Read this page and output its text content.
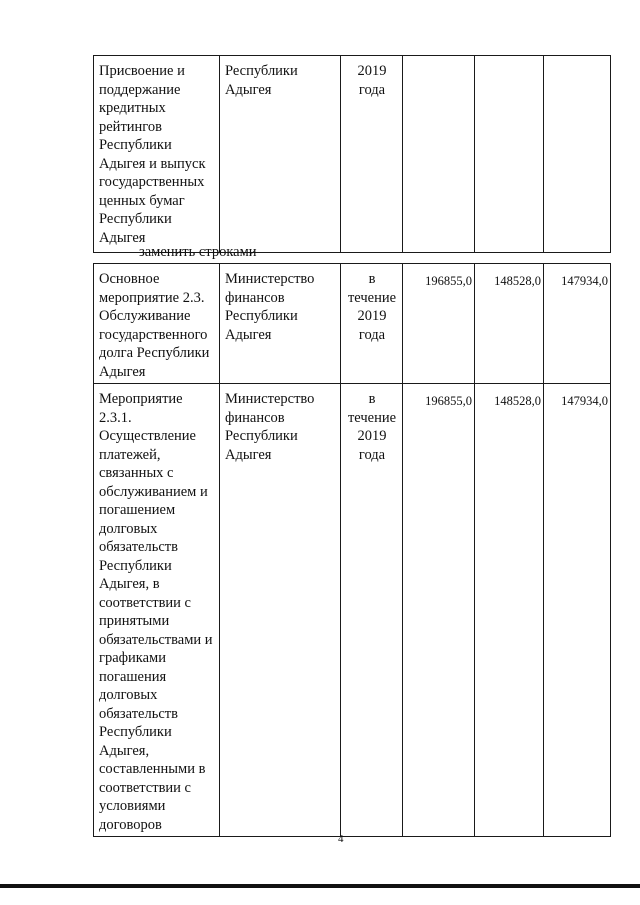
Присвоение и поддержание кредитных рейтингов Республики Адыгея и выпуск государственных ценных бумаг Республики Адыгея	Республики Адыгея	2019 года			
заменить строками
Основное мероприятие 2.3. Обслуживание государственного долга Республики Адыгея	Министерство финансов Республики Адыгея	в течение 2019 года	196855,0	148528,0	147934,0
Мероприятие 2.3.1. Осуществление платежей, связанных с обслуживанием и погашением долговых обязательств Республики Адыгея, в соответствии с принятыми обязательствами и графиками погашения долговых обязательств Республики Адыгея, составленными в соответствии с условиями договоров	Министерство финансов Республики Адыгея	в течение 2019 года	196855,0	148528,0	147934,0
4
